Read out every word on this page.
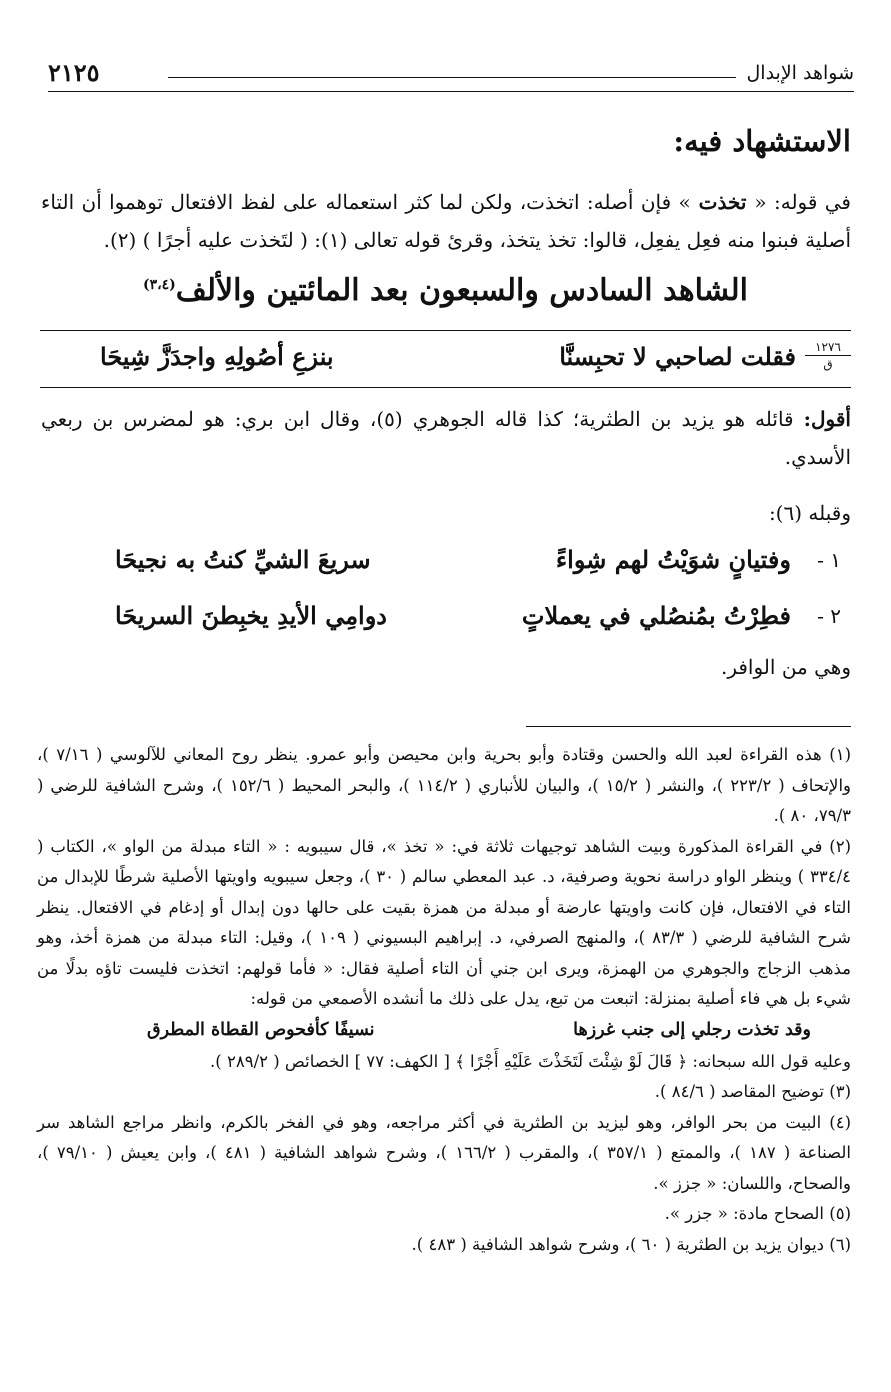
شواهد الإبدال
٢١٢٥
الاستشهاد فيه:
في قوله: « تخذت » فإن أصله: اتخذت، ولكن لما كثر استعماله على لفظ الافتعال توهموا أن التاء أصلية فبنوا منه فعِل يفعِل، قالوا: تخذ يتخذ، وقرئ قوله تعالى (١): ( لتَخذت عليه أجرًا ) (٢).
الشاهد السادس والسبعون بعد المائتين والألف$^{(٣،٤)}$
١٢٧٦
ق
فقلت لصاحبي لا تحبِسنَّا
بنزعِ أصُولِهِ واجدَزَّ شِيحَا
أقول: قائله هو يزيد بن الطثرية؛ كذا قاله الجوهري (٥)، وقال ابن بري: هو لمضرس بن ربعي الأسدي.
وقبله (٦):
١ -
وفتيانٍ شوَيْتُ لهم شِواءً
سريعَ الشيِّ كنتُ به نجيحَا
٢ -
فطِرْتُ بمُنصُلي في يعملاتٍ
دوامِي الأيدِ يخبِطنَ السريحَا
وهي من الوافر.

(١) هذه القراءة لعبد الله والحسن وقتادة وأبو بحرية وابن محيصن وأبو عمرو. ينظر روح المعاني للآلوسي ( ٧/١٦ )، والإتحاف ( ٢٢٣/٢ )، والنشر ( ١٥/٢ )، والبيان للأنباري ( ١١٤/٢ )، والبحر المحيط ( ١٥٢/٦ )، وشرح الشافية للرضي ( ٧٩/٣، ٨٠ ).

(٢) في القراءة المذكورة وبيت الشاهد توجيهات ثلاثة في: « تخذ »، قال سيبويه : « التاء مبدلة من الواو »، الكتاب ( ٣٣٤/٤ ) وينظر الواو دراسة نحوية وصرفية، د. عبد المعطي سالم ( ٣٠ )، وجعل سيبويه واويتها الأصلية شرطًا للإبدال من التاء في الافتعال، فإن كانت واويتها عارضة أو مبدلة من همزة بقيت على حالها دون إبدال أو إدغام في الافتعال. ينظر شرح الشافية للرضي ( ٨٣/٣ )، والمنهج الصرفي، د. إبراهيم البسيوني ( ١٠٩ )، وقيل: التاء مبدلة من همزة أخذ، وهو مذهب الزجاج والجوهري من الهمزة، ويرى ابن جني أن التاء أصلية فقال: « فأما قولهم: اتخذت فليست تاؤه بدلًا من شيء بل هي فاء أصلية بمنزلة: اتبعت من تبع، يدل على ذلك ما أنشده الأصمعي من قوله:

وقد تخذت رجلي إلى جنب غرزها
نسيفًا كأفحوص القطاة المطرق

وعليه قول الله سبحانه: ﴿ قَالَ لَوْ شِئْتَ لَتَخَذْتَ عَلَيْهِ أَجْرًا ﴾ [ الكهف: ٧٧ ] الخصائص ( ٢٨٩/٢ ).

(٣) توضيح المقاصد ( ٨٤/٦ ).

(٤) البيت من بحر الوافر، وهو ليزيد بن الطثرية في أكثر مراجعه، وهو في الفخر بالكرم، وانظر مراجع الشاهد سر الصناعة ( ١٨٧ )، والممتع ( ٣٥٧/١ )، والمقرب ( ١٦٦/٢ )، وشرح شواهد الشافية ( ٤٨١ )، وابن يعيش ( ٧٩/١٠ )، والصحاح، واللسان: « جزز ».

(٥) الصحاح مادة: « جزر ».

(٦) ديوان يزيد بن الطثرية ( ٦٠ )، وشرح شواهد الشافية ( ٤٨٣ ).
